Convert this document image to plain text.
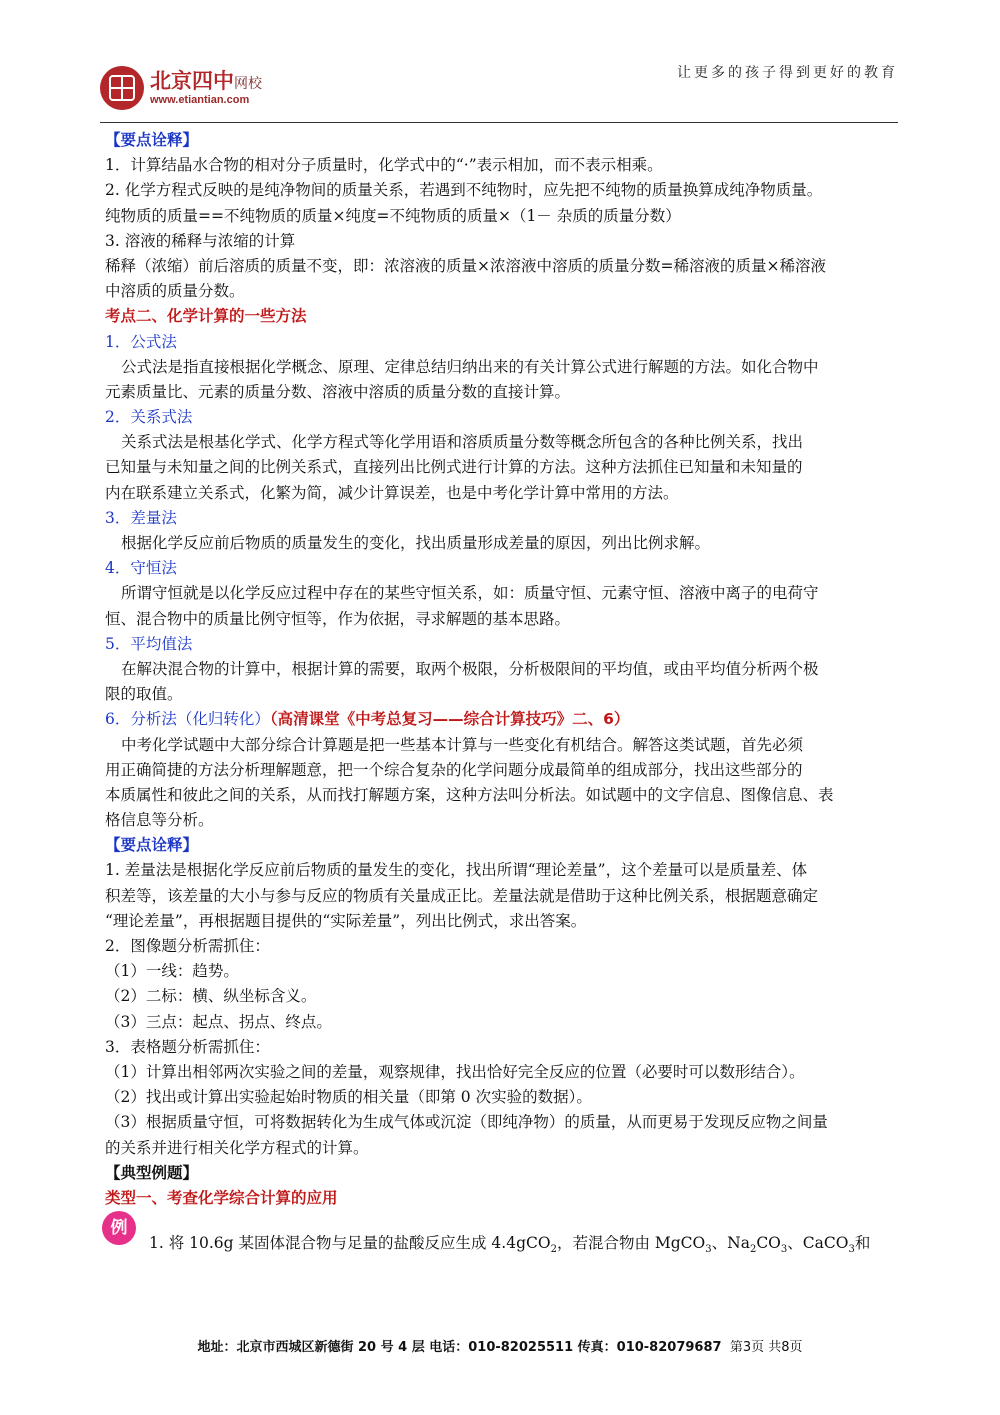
北京四中网校
www.etiantian.com
让更多的孩子得到更好的教育
【要点诠释】
1．计算结晶水合物的相对分子质量时，化学式中的“·”表示相加，而不表示相乘。
2. 化学方程式反映的是纯净物间的质量关系，若遇到不纯物时，应先把不纯物的质量换算成纯净物质量。
纯物质的质量==不纯物质的质量×纯度=不纯物质的质量×（1－ 杂质的质量分数）
3. 溶液的稀释与浓缩的计算
稀释（浓缩）前后溶质的质量不变，即：浓溶液的质量×浓溶液中溶质的质量分数=稀溶液的质量×稀溶液
中溶质的质量分数。
考点二、化学计算的一些方法
1．公式法
公式法是指直接根据化学概念、原理、定律总结归纳出来的有关计算公式进行解题的方法。如化合物中
元素质量比、元素的质量分数、溶液中溶质的质量分数的直接计算。
2．关系式法
关系式法是根基化学式、化学方程式等化学用语和溶质质量分数等概念所包含的各种比例关系，找出
已知量与未知量之间的比例关系式，直接列出比例式进行计算的方法。这种方法抓住已知量和未知量的
内在联系建立关系式，化繁为简，减少计算误差，也是中考化学计算中常用的方法。
3．差量法
根据化学反应前后物质的质量发生的变化，找出质量形成差量的原因，列出比例求解。
4．守恒法
所谓守恒就是以化学反应过程中存在的某些守恒关系，如：质量守恒、元素守恒、溶液中离子的电荷守
恒、混合物中的质量比例守恒等，作为依据，寻求解题的基本思路。
5．平均值法
在解决混合物的计算中，根据计算的需要，取两个极限，分析极限间的平均值，或由平均值分析两个极
限的取值。
6．分析法（化归转化）（高清课堂《中考总复习——综合计算技巧》二、6）
中考化学试题中大部分综合计算题是把一些基本计算与一些变化有机结合。解答这类试题，首先必须
用正确简捷的方法分析理解题意，把一个综合复杂的化学问题分成最简单的组成部分，找出这些部分的
本质属性和彼此之间的关系，从而找打解题方案，这种方法叫分析法。如试题中的文字信息、图像信息、表
格信息等分析。
【要点诠释】
1. 差量法是根据化学反应前后物质的量发生的变化，找出所谓“理论差量”，这个差量可以是质量差、体
积差等，该差量的大小与参与反应的物质有关量成正比。差量法就是借助于这种比例关系，根据题意确定
“理论差量”，再根据题目提供的“实际差量”，列出比例式，求出答案。
2．图像题分析需抓住：
（1）一线：趋势。
（2）二标：横、纵坐标含义。
（3）三点：起点、拐点、终点。
3．表格题分析需抓住：
（1）计算出相邻两次实验之间的差量，观察规律，找出恰好完全反应的位置（必要时可以数形结合）。
（2）找出或计算出实验起始时物质的相关量（即第 0 次实验的数据）。
（3）根据质量守恒，可将数据转化为生成气体或沉淀（即纯净物）的质量，从而更易于发现反应物之间量
的关系并进行相关化学方程式的计算。
【典型例题】
类型一、考查化学综合计算的应用
例
1. 将 10.6g 某固体混合物与足量的盐酸反应生成 4.4gCO$_2$，若混合物由 MgCO$_3$、$Na_2CO_3$、CaCO$_3$和
地址：北京市西城区新德街 20 号 4 层 电话：010-82025511 传真：010-82079687 第3页 共8页
